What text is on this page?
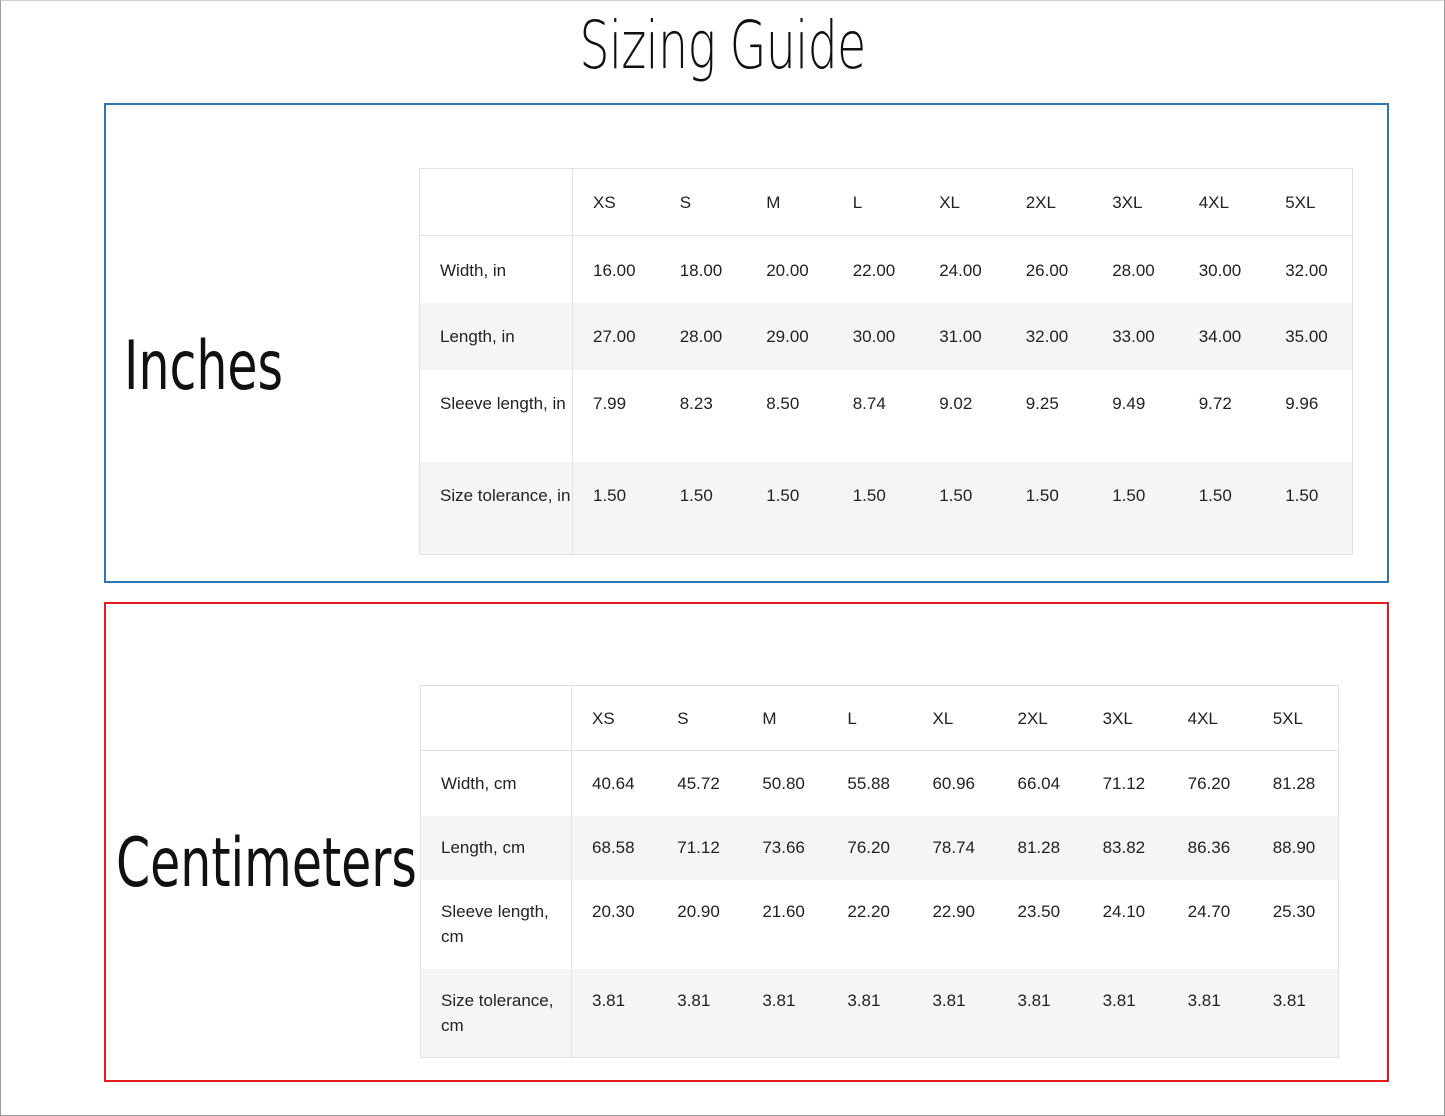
Sizing Guide
Inches
	XS	S	M	L	XL	2XL	3XL	4XL	5XL
Width, in	16.00	18.00	20.00	22.00	24.00	26.00	28.00	30.00	32.00
Length, in	27.00	28.00	29.00	30.00	31.00	32.00	33.00	34.00	35.00
Sleeve length, in	7.99	8.23	8.50	8.74	9.02	9.25	9.49	9.72	9.96
Size tolerance, in	1.50	1.50	1.50	1.50	1.50	1.50	1.50	1.50	1.50
Centimeters
	XS	S	M	L	XL	2XL	3XL	4XL	5XL
Width, cm	40.64	45.72	50.80	55.88	60.96	66.04	71.12	76.20	81.28
Length, cm	68.58	71.12	73.66	76.20	78.74	81.28	83.82	86.36	88.90
Sleeve length, cm	20.30	20.90	21.60	22.20	22.90	23.50	24.10	24.70	25.30
Size tolerance, cm	3.81	3.81	3.81	3.81	3.81	3.81	3.81	3.81	3.81
